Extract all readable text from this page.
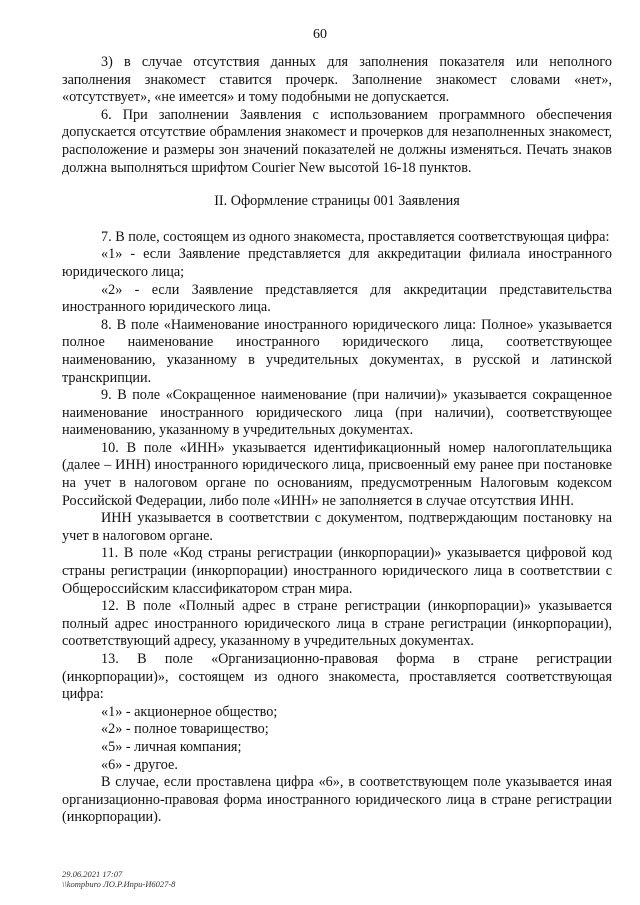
60

3) в случае отсутствия данных для заполнения показателя или неполного заполнения знакомест ставится прочерк. Заполнение знакомест словами «нет», «отсутствует», «не имеется» и тому подобными не допускается.

6. При заполнении Заявления с использованием программного обеспечения допускается отсутствие обрамления знакомест и прочерков для незаполненных знакомест, расположение и размеры зон значений показателей не должны изменяться. Печать знаков должна выполняться шрифтом Courier New высотой 16-18 пунктов.

II. Оформление страницы 001 Заявления

7. В поле, состоящем из одного знакоместа, проставляется соответствующая цифра:

«1» - если Заявление представляется для аккредитации филиала иностранного юридического лица;

«2» - если Заявление представляется для аккредитации представительства иностранного юридического лица.

8. В поле «Наименование иностранного юридического лица: Полное» указывается полное наименование иностранного юридического лица, соответствующее наименованию, указанному в учредительных документах, в русской и латинской транскрипции.

9. В поле «Сокращенное наименование (при наличии)» указывается сокращенное наименование иностранного юридического лица (при наличии), соответствующее наименованию, указанному в учредительных документах.

10. В поле «ИНН» указывается идентификационный номер налогоплательщика (далее – ИНН) иностранного юридического лица, присвоенный ему ранее при постановке на учет в налоговом органе по основаниям, предусмотренным Налоговым кодексом Российской Федерации, либо поле «ИНН» не заполняется в случае отсутствия ИНН.

ИНН указывается в соответствии с документом, подтверждающим постановку на учет в налоговом органе.

11. В поле «Код страны регистрации (инкорпорации)» указывается цифровой код страны регистрации (инкорпорации) иностранного юридического лица в соответствии с Общероссийским классификатором стран мира.

12. В поле «Полный адрес в стране регистрации (инкорпорации)» указывается полный адрес иностранного юридического лица в стране регистрации (инкорпорации), соответствующий адресу, указанному в учредительных документах.

13. В поле «Организационно-правовая форма в стране регистрации (инкорпорации)», состоящем из одного знакоместа, проставляется соответствующая цифра:

«1» - акционерное общество;

«2» - полное товарищество;

«5» - личная компания;

«6» - другое.

В случае, если проставлена цифра «6», в соответствующем поле указывается иная организационно-правовая форма иностранного юридического лица в стране регистрации (инкорпорации).

29.06.2021 17:07
\\kompburo ЛО.Р.Ипри-И6027-8
